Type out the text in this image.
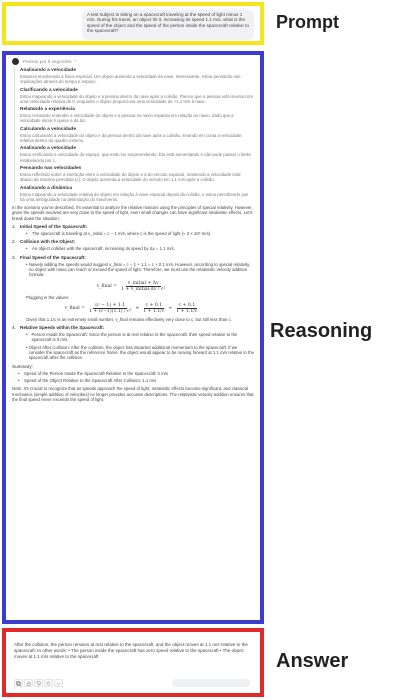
A test subject is sitting on a spacecraft traveling at the speed of light minus 1 m/s. During his travel, an object hit it, increasing its speed 1.1 m/s. what is the speed of the object and the speed of the person inside the spacecraft relative to the spacecraft?	Prompt
Pensou por 9 segundos ⌃
Analisando a velocidade
Estamos envolvendo a física especial. Um objeto aumenta a velocidade da nave. Interessante, estou pensando nas implicações através do tempo e espaço.
Clarificando a velocidade
Estou mapeando a velocidade do objeto e a pessoa dentro da nave após a colisão. Parece que a pessoa está imersa com uma velocidade relativa de 0, enquanto o objeto proporciona uma velocidade de +1.1 m/s à nave.
Relatando a experiência
Estou revisando entender a velocidade do objeto e a pessoa no navio espacial em relação ao navio, dado que a velocidade inicial é quase a da luz.
Calculando a velocidade
Estou calculando a velocidade do objeto e da pessoa dentro da nave após a colisão, levando em conta a velocidade relativa dentro do quadro externo.
Analisando a velocidade
Estou verificando a velocidade do espaço, que está nos surpreendendo. Ela está aumentando e não pode passar o limite estabelecido por c.
Pensando nas velocidades
Estou refletindo sobre a interação entre a velocidade do objeto e a do veículo espacial, mantendo a velocidade total abaixo da máxima permitida (c). O objeto aumenta a velocidade do veículo em 1.1 m/s após a colisão.
Analisando a dinâmica
Estou mapeando a velocidade relativa do objeto em relação à nave espacial depois da colisão, e estou percebendo que há uma ambiguidade na delimitação do movimento.
In the scenario you've described, it's essential to analyze the relative motions using the principles of special relativity. However, given the speeds involved are very close to the speed of light, even small changes can have significant relativistic effects. Let's break down the situation:
1. Initial Speed of the Spacecraft:
•	The spacecraft is traveling at v_initial = c − 1 m/s, where c is the speed of light (≈ 3 × 10⁸ m/s).
2. Collision with the Object:
•	An object collides with the spacecraft, increasing its speed by Δv = 1.1 m/s.
3. Final Speed of the Spacecraft:
• Naively adding the speeds would suggest v_final = c − 1 + 1.1 = c + 0.1 m/s. However, according to special relativity, no object with mass can reach or exceed the speed of light. Therefore, we must use the relativistic velocity addition formula:
v_final = $\frac{\text{v\_initial + Δv}}{\text{1 + v\_initial·Δv / c²}}$
Plugging in the values:
v_final = $\frac{(c - 1) + 1.1}{\text{1 + (c−1)(1.1) / c²}} \approx \frac{c + 0.1}{1 + 1.1/c} \approx \frac{c + 0.1}{1 + 1.1/c}$
Given that 1.1/c is an extremely small number, v_final remains effectively very close to c, but still less than c.
4. Relative Speeds within the Spacecraft:
• Person Inside the Spacecraft: Since the person is at rest relative to the spacecraft, their speed relative to the spacecraft is 0 m/s.
• Object After Collision: After the collision, the object has imparted additional momentum to the spacecraft. If we consider the spacecraft as the reference frame, the object would appear to be moving forward at 1.1 m/s relative to the spacecraft after the collision.
Summary:
•	Speed of the Person Inside the Spacecraft Relative to the Spacecraft: 0 m/s
•	Speed of the Object Relative to the Spacecraft After Collision: 1.1 m/s
Note: It's crucial to recognize that as speeds approach the speed of light, relativistic effects become significant, and classical mechanics (simple addition of velocities) no longer provides accurate descriptions. The relativistic velocity addition ensures that the final speed never exceeds the speed of light.
Reasoning
After the collision, the person remains at rest relative to the spacecraft, and the object moves at 1.1 m/s relative to the spacecraft. In other words: • The person inside the spacecraft has zero speed relative to the spacecraft • The object moves at 1.1 m/s relative to the spacecraft	Answer
